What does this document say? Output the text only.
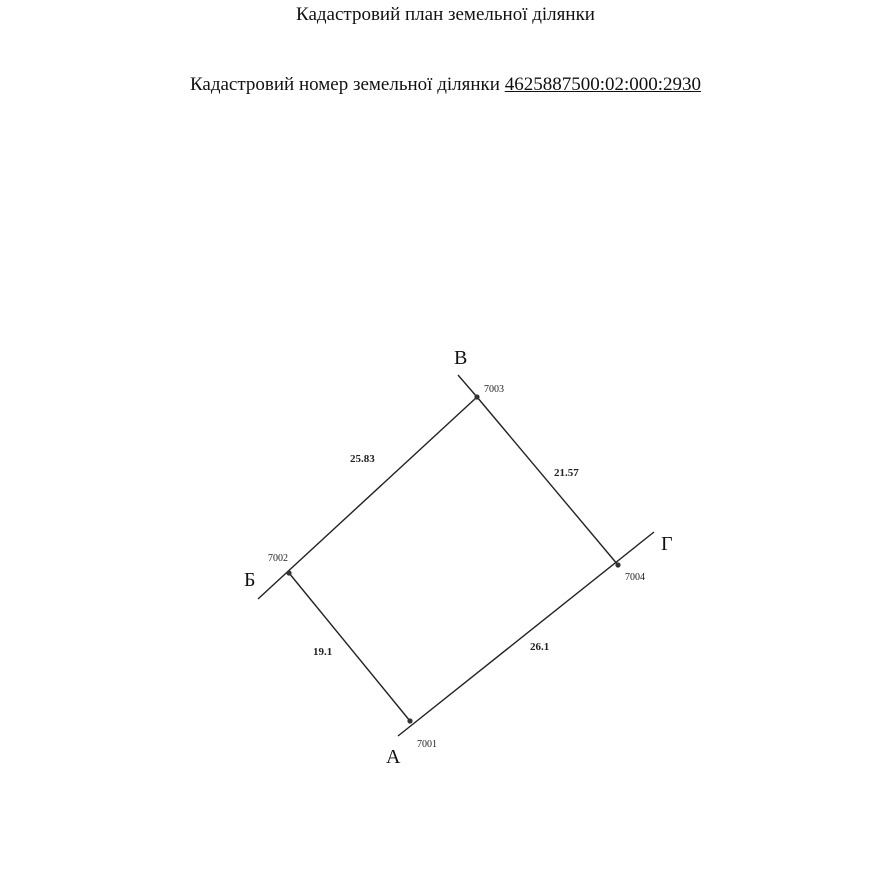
Кадастровий план земельної ділянки
Кадастровий номер земельної ділянки 4625887500:02:000:2930
А
Б
В
Г
7001
7002
7003
7004
19.1
25.83
21.57
26.1
